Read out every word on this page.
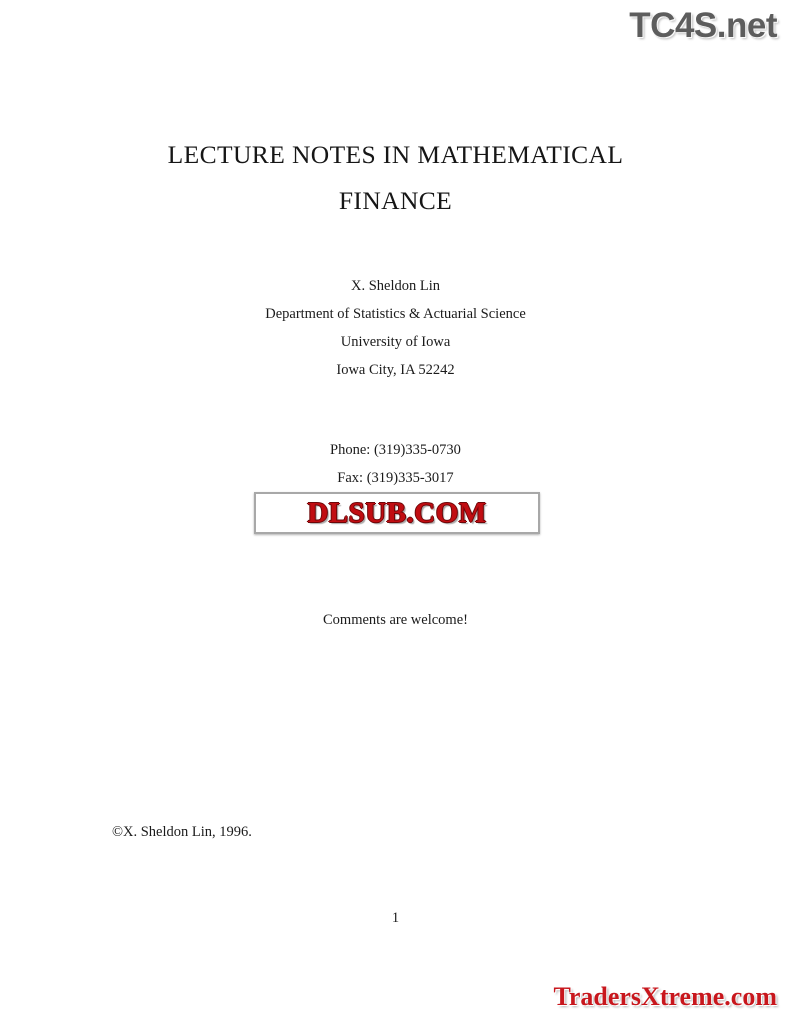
TC4S.net
LECTURE NOTES IN MATHEMATICAL
FINANCE
X. Sheldon Lin
Department of Statistics & Actuarial Science
University of Iowa
Iowa City, IA 52242
Phone: (319)335-0730
Fax: (319)335-3017
DLSUB.COM
Comments are welcome!
©X. Sheldon Lin, 1996.
1
TradersXtreme.com
